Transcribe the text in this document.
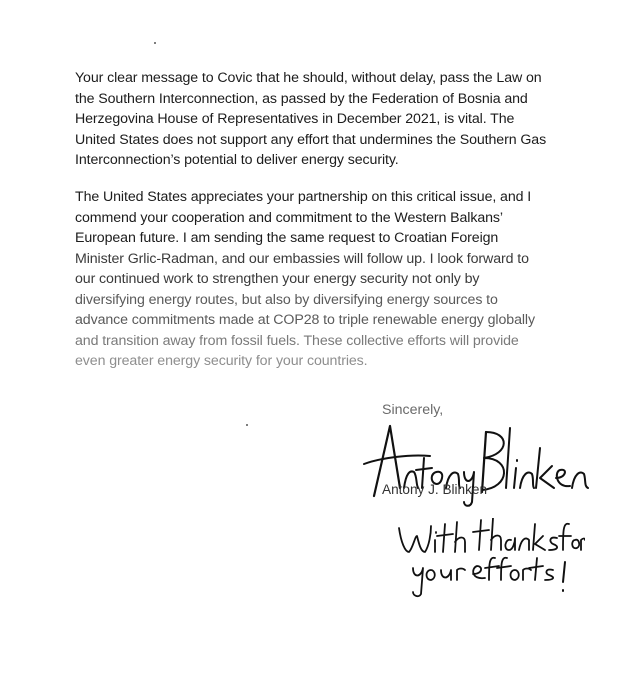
Your clear message to Covic that he should, without delay, pass the Law on
the Southern Interconnection, as passed by the Federation of Bosnia and
Herzegovina House of Representatives in December 2021, is vital. The
United States does not support any effort that undermines the Southern Gas
Interconnection’s potential to deliver energy security.
The United States appreciates your partnership on this critical issue, and I
commend your cooperation and commitment to the Western Balkans’
European future. I am sending the same request to Croatian Foreign
Minister Grlic-Radman, and our embassies will follow up. I look forward to
our continued work to strengthen your energy security not only by
diversifying energy routes, but also by diversifying energy sources to
advance commitments made at COP28 to triple renewable energy globally
and transition away from fossil fuels. These collective efforts will provide
even greater energy security for your countries.
Sincerely,
Antony J. Blinken
